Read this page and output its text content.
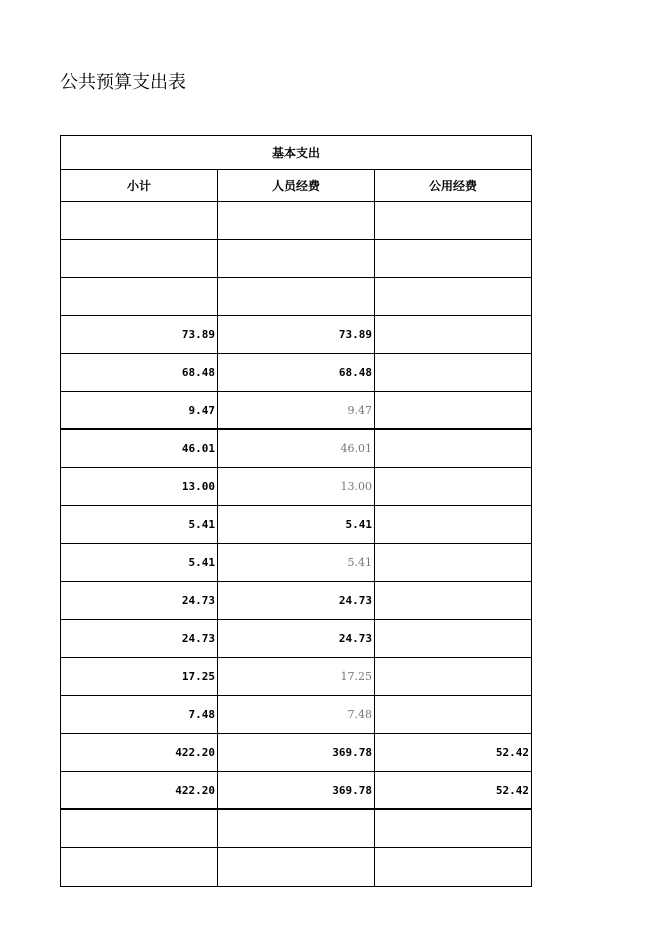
公共预算支出表
基本支出
小计	人员经费	公用经费
73.89	73.89
68.48	68.48
9.47	9.47
46.01	46.01
13.00	13.00
5.41	5.41
5.41	5.41
24.73	24.73
24.73	24.73
17.25	17.25
7.48	7.48
422.20	369.78	52.42
422.20	369.78	52.42
